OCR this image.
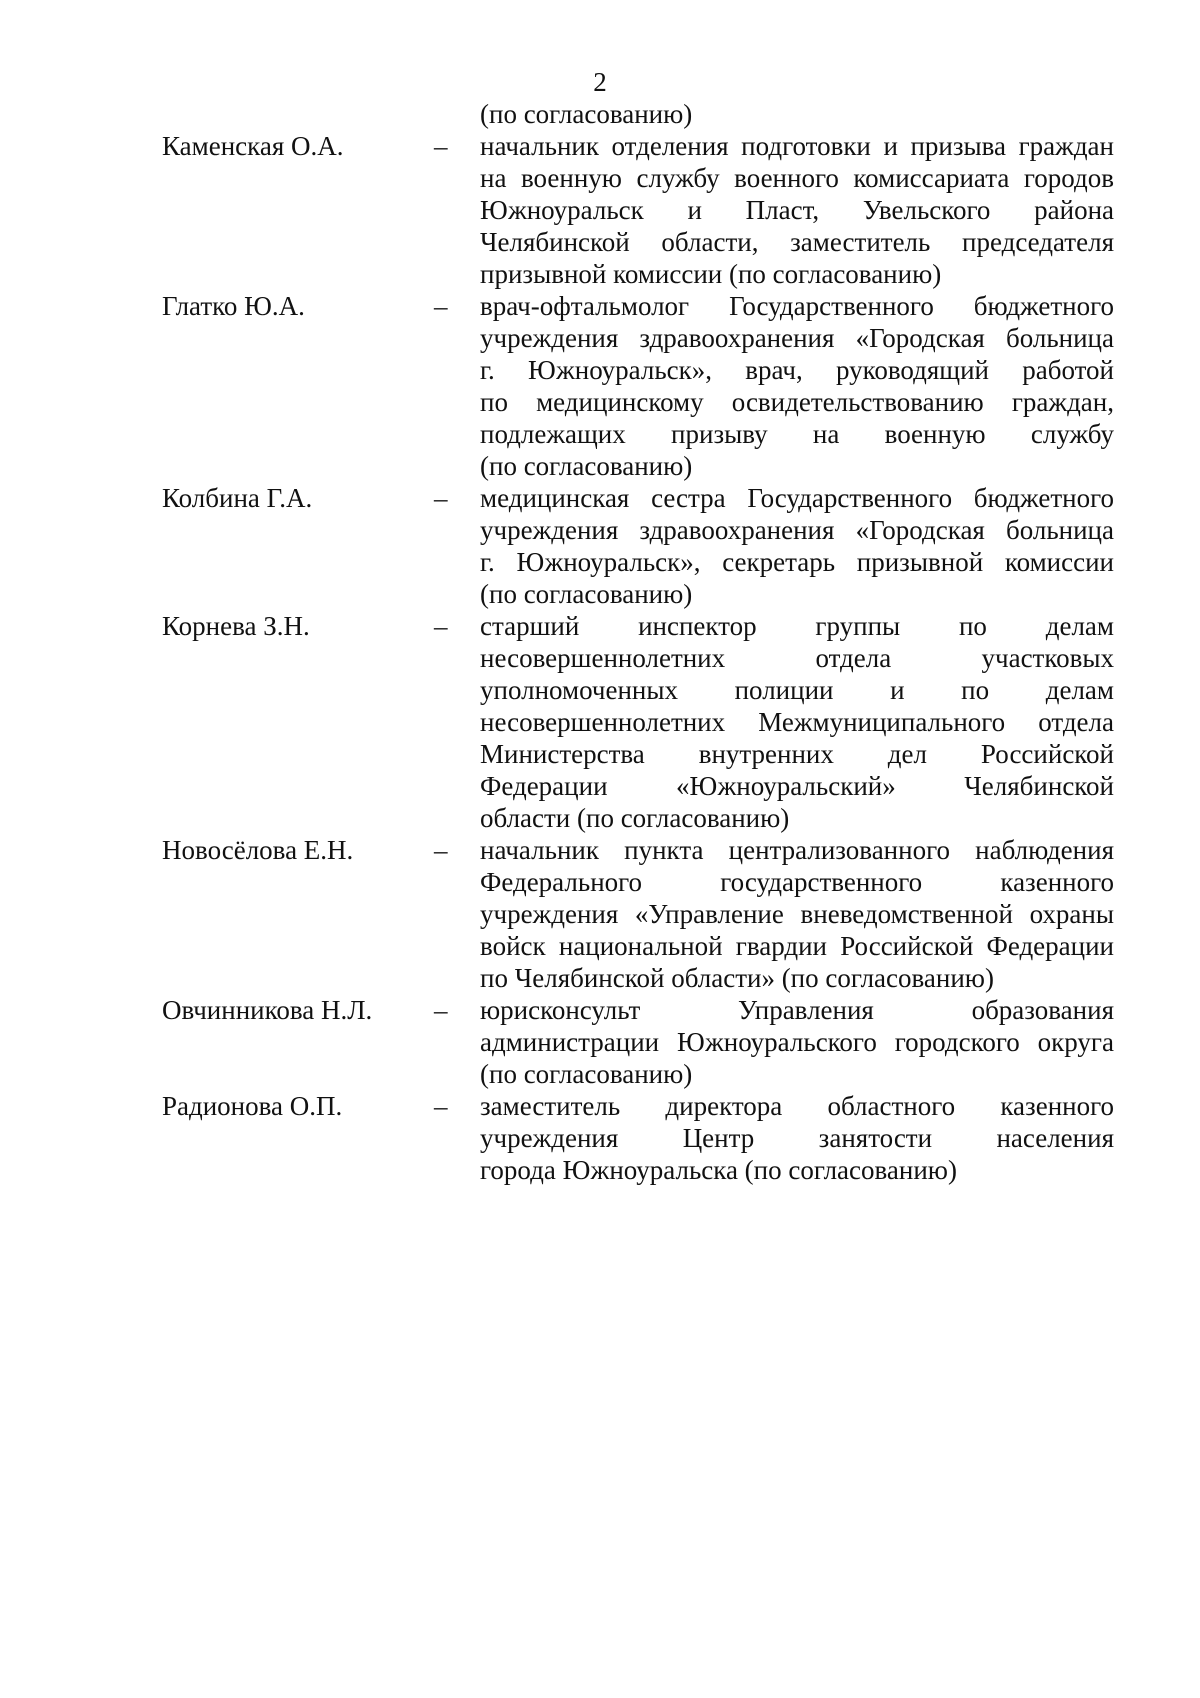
2
(по согласованию)
Каменская О.А.	– начальник отделения подготовки и призыва граждан
на военную службу военного комиссариата городов
Южноуральск и Пласт, Увельского района
Челябинской области, заместитель председателя
призывной комиссии (по согласованию)
Глатко Ю.А.	– врач-офтальмолог Государственного бюджетного
учреждения здравоохранения «Городская больница
г. Южноуральск», врач, руководящий работой
по медицинскому освидетельствованию граждан,
подлежащих призыву на военную службу
(по согласованию)
Колбина Г.А.	– медицинская сестра Государственного бюджетного
учреждения здравоохранения «Городская больница
г. Южноуральск», секретарь призывной комиссии
(по согласованию)
Корнева З.Н.	– старший инспектор группы по делам
несовершеннолетних отдела участковых
уполномоченных полиции и по делам
несовершеннолетних Межмуниципального отдела
Министерства внутренних дел Российской
Федерации «Южноуральский» Челябинской
области (по согласованию)
Новосёлова Е.Н.	– начальник пункта централизованного наблюдения
Федерального государственного казенного
учреждения «Управление вневедомственной охраны
войск национальной гвардии Российской Федерации
по Челябинской области» (по согласованию)
Овчинникова Н.Л. – юрисконсульт Управления образования
администрации Южноуральского городского округа
(по согласованию)
Радионова О.П.	– заместитель директора областного казенного
учреждения Центр занятости населения
города Южноуральска (по согласованию)
